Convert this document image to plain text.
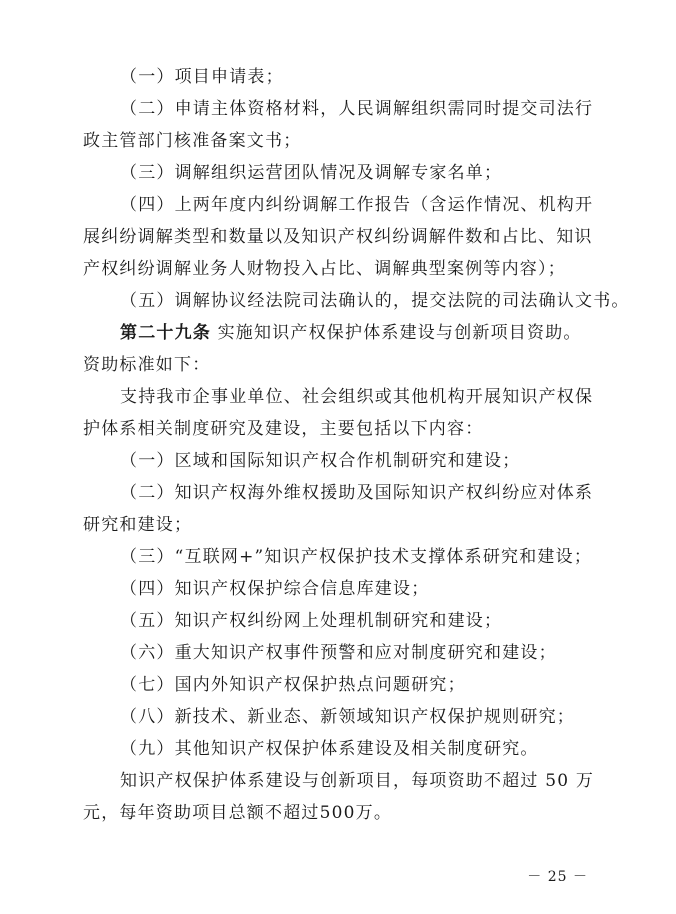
（一）项目申请表；
（二）申请主体资格材料，人民调解组织需同时提交司法行
政主管部门核准备案文书；
（三）调解组织运营团队情况及调解专家名单；
（四）上两年度内纠纷调解工作报告（含运作情况、机构开
展纠纷调解类型和数量以及知识产权纠纷调解件数和占比、知识
产权纠纷调解业务人财物投入占比、调解典型案例等内容）；
（五）调解协议经法院司法确认的，提交法院的司法确认文书。
第二十九条 实施知识产权保护体系建设与创新项目资助。
资助标准如下：
支持我市企事业单位、社会组织或其他机构开展知识产权保
护体系相关制度研究及建设，主要包括以下内容：
（一）区域和国际知识产权合作机制研究和建设；
（二）知识产权海外维权援助及国际知识产权纠纷应对体系
研究和建设；
（三）“互联网+”知识产权保护技术支撑体系研究和建设；
（四）知识产权保护综合信息库建设；
（五）知识产权纠纷网上处理机制研究和建设；
（六）重大知识产权事件预警和应对制度研究和建设；
（七）国内外知识产权保护热点问题研究；
（八）新技术、新业态、新领域知识产权保护规则研究；
（九）其他知识产权保护体系建设及相关制度研究。
知识产权保护体系建设与创新项目，每项资助不超过 50 万
元，每年资助项目总额不超过500万。
－ 25 －
